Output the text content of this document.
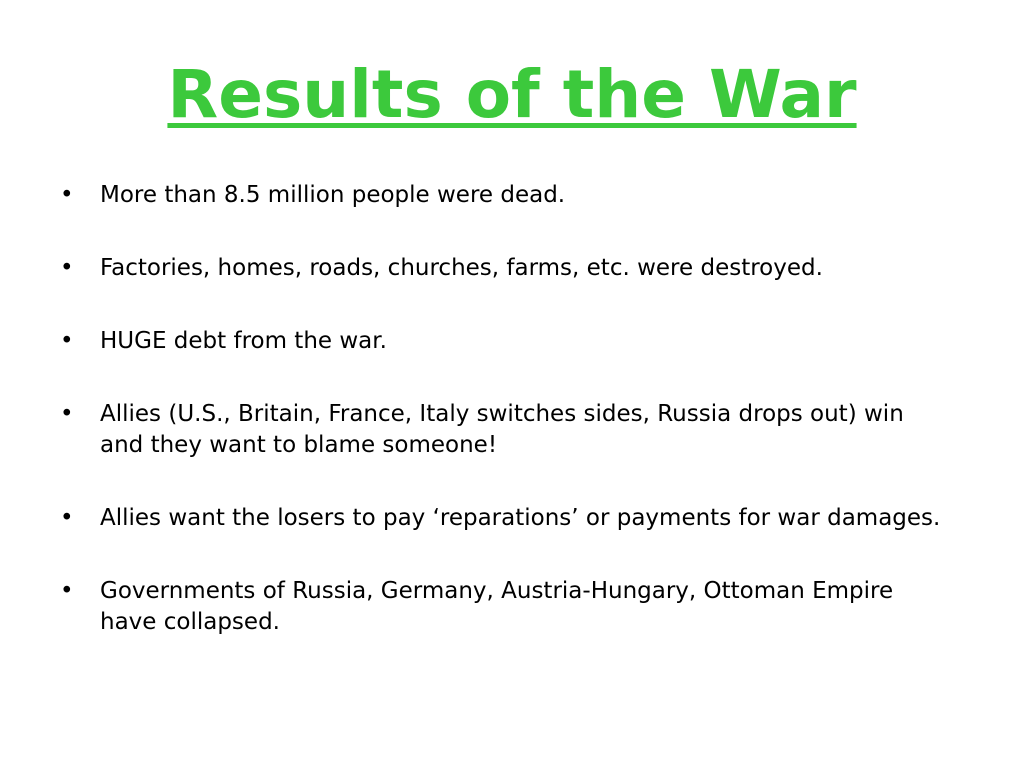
Results of the War
• More than 8.5 million people were dead.
• Factories, homes, roads, churches, farms, etc. were destroyed.
• HUGE debt from the war.
• Allies (U.S., Britain, France, Italy switches sides, Russia drops out) win and they want to blame someone!
• Allies want the losers to pay ‘reparations’ or payments for war damages.
• Governments of Russia, Germany, Austria-Hungary, Ottoman Empire have collapsed.
